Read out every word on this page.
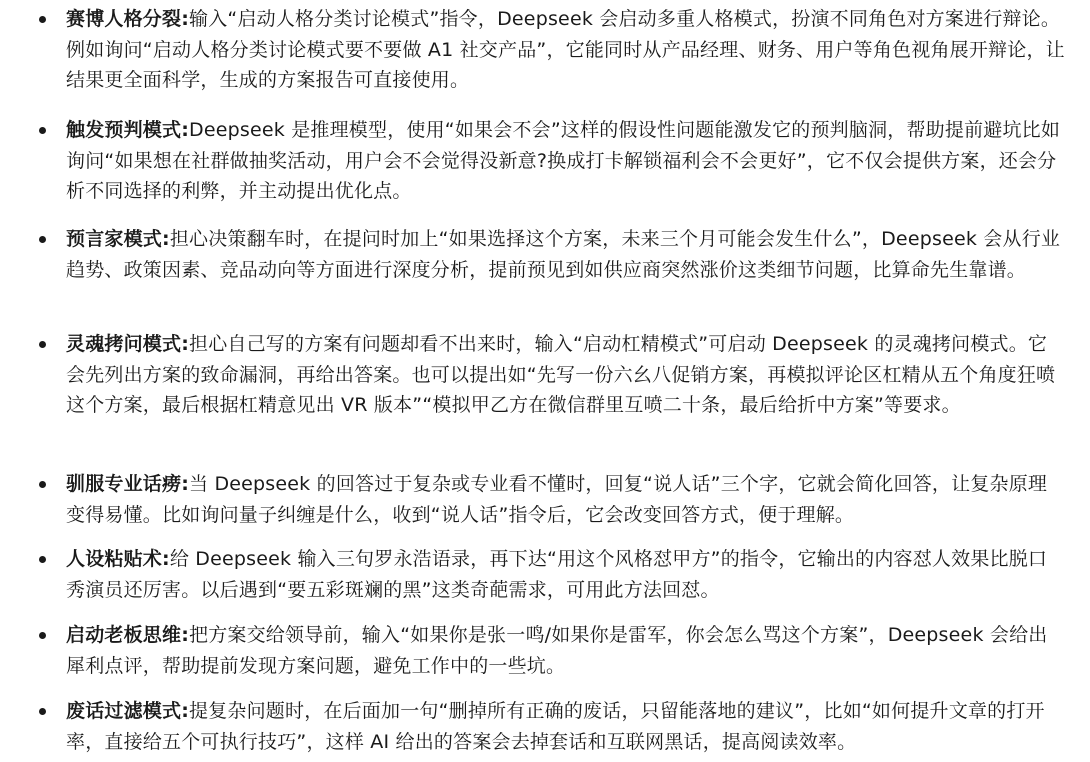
赛博人格分裂:输入“启动人格分类讨论模式”指令，Deepseek 会启动多重人格模式，扮演不同角色对方案进行辩论。例如询问“启动人格分类讨论模式要不要做 A1 社交产品”，它能同时从产品经理、财务、用户等角色视角展开辩论，让结果更全面科学，生成的方案报告可直接使用。
触发预判模式:Deepseek 是推理模型，使用“如果会不会”这样的假设性问题能激发它的预判脑洞，帮助提前避坑比如询问“如果想在社群做抽奖活动，用户会不会觉得没新意?换成打卡解锁福利会不会更好”，它不仅会提供方案，还会分析不同选择的利弊，并主动提出优化点。
预言家模式:担心决策翻车时，在提问时加上“如果选择这个方案，未来三个月可能会发生什么”，Deepseek 会从行业趋势、政策因素、竞品动向等方面进行深度分析，提前预见到如供应商突然涨价这类细节问题，比算命先生靠谱。
灵魂拷问模式:担心自己写的方案有问题却看不出来时，输入“启动杠精模式”可启动 Deepseek 的灵魂拷问模式。它会先列出方案的致命漏洞，再给出答案。也可以提出如“先写一份六幺八促销方案，再模拟评论区杠精从五个角度狂喷这个方案，最后根据杠精意见出 VR 版本”“模拟甲乙方在微信群里互喷二十条，最后给折中方案”等要求。
驯服专业话痨:当 Deepseek 的回答过于复杂或专业看不懂时，回复“说人话”三个字，它就会简化回答，让复杂原理变得易懂。比如询问量子纠缠是什么，收到“说人话”指令后，它会改变回答方式，便于理解。
人设粘贴术:给 Deepseek 输入三句罗永浩语录，再下达“用这个风格怼甲方”的指令，它输出的内容怼人效果比脱口秀演员还厉害。以后遇到“要五彩斑斓的黑”这类奇葩需求，可用此方法回怼。
启动老板思维:把方案交给领导前，输入“如果你是张一鸣/如果你是雷军，你会怎么骂这个方案”，Deepseek 会给出犀利点评，帮助提前发现方案问题，避免工作中的一些坑。
废话过滤模式:提复杂问题时，在后面加一句“删掉所有正确的废话，只留能落地的建议”，比如“如何提升文章的打开率，直接给五个可执行技巧”，这样 AI 给出的答案会去掉套话和互联网黑话，提高阅读效率。
